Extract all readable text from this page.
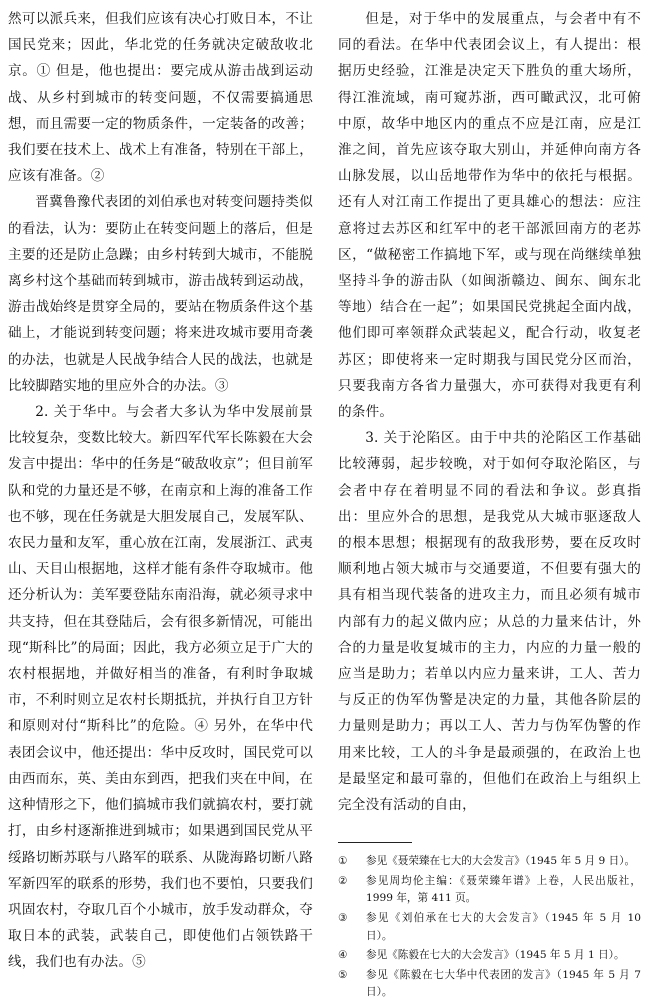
然可以派兵来，但我们应该有决心打败日本，不让国民党来；因此，华北党的任务就决定破敌收北京。① 但是，他也提出：要完成从游击战到运动战、从乡村到城市的转变问题，不仅需要搞通思想，而且需要一定的物质条件，一定装备的改善；我们要在技术上、战术上有准备，特别在干部上，应该有准备。②

晋冀鲁豫代表团的刘伯承也对转变问题持类似的看法，认为：要防止在转变问题上的落后，但是主要的还是防止急躁；由乡村转到大城市，不能脱离乡村这个基础而转到城市，游击战转到运动战，游击战始终是贯穿全局的，要站在物质条件这个基础上，才能说到转变问题；将来进攻城市要用奇袭的办法，也就是人民战争结合人民的战法，也就是比较脚踏实地的里应外合的办法。③

2. 关于华中。与会者大多认为华中发展前景比较复杂，变数比较大。新四军代军长陈毅在大会发言中提出：华中的任务是“破敌收京”；但目前军队和党的力量还是不够，在南京和上海的准备工作也不够，现在任务就是大胆发展自己，发展军队、农民力量和友军，重心放在江南，发展浙江、武夷山、天目山根据地，这样才能有条件夺取城市。他还分析认为：美军要登陆东南沿海，就必须寻求中共支持，但在其登陆后，会有很多新情况，可能出现“斯科比”的局面；因此，我方必须立足于广大的农村根据地，并做好相当的准备，有利时争取城市，不利时则立足农村长期抵抗，并执行自卫方针和原则对付“斯科比”的危险。④ 另外，在华中代表团会议中，他还提出：华中反攻时，国民党可以由西而东，英、美由东到西，把我们夹在中间，在这种情形之下，他们搞城市我们就搞农村，要打就打，由乡村逐渐推进到城市；如果遇到国民党从平绥路切断苏联与八路军的联系、从陇海路切断八路军新四军的联系的形势，我们也不要怕，只要我们巩固农村，夺取几百个小城市，放手发动群众，夺取日本的武装，武装自己，即使他们占领铁路干线，我们也有办法。⑤

但是，对于华中的发展重点，与会者中有不同的看法。在华中代表团会议上，有人提出：根据历史经验，江淮是决定天下胜负的重大场所，得江淮流域，南可窥苏浙，西可瞰武汉，北可俯中原，故华中地区内的重点不应是江南，应是江淮之间，首先应该夺取大别山，并延伸向南方各山脉发展，以山岳地带作为华中的依托与根据。还有人对江南工作提出了更具雄心的想法：应注意将过去苏区和红军中的老干部派回南方的老苏区，“做秘密工作搞地下军，或与现在尚继续单独坚持斗争的游击队（如闽浙赣边、闽东、闽东北等地）结合在一起”；如果国民党挑起全面内战，他们即可率领群众武装起义，配合行动，收复老苏区；即使将来一定时期我与国民党分区而治，只要我南方各省力量强大，亦可获得对我更有利的条件。

3. 关于沦陷区。由于中共的沦陷区工作基础比较薄弱，起步较晚，对于如何夺取沦陷区，与会者中存在着明显不同的看法和争议。彭真指出：里应外合的思想，是我党从大城市驱逐敌人的根本思想；根据现有的敌我形势，要在反攻时顺利地占领大城市与交通要道，不但要有强大的具有相当现代装备的进攻主力，而且必须有城市内部有力的起义做内应；从总的力量来估计，外合的力量是收复城市的主力，内应的力量一般的应当是助力；若单以内应力量来讲，工人、苦力与反正的伪军伪警是决定的力量，其他各阶层的力量则是助力；再以工人、苦力与伪军伪警的作用来比较，工人的斗争是最顽强的，在政治上也是最坚定和最可靠的，但他们在政治上与组织上完全没有活动的自由，

①	参见《聂荣臻在七大的大会发言》（1945 年 5 月 9 日）。
②	参见周均伦主编：《聂荣臻年谱》上卷，人民出版社，1999 年，第 411 页。
③	参见《刘伯承在七大的大会发言》（1945 年 5 月 10 日）。
④	参见《陈毅在七大的大会发言》（1945 年 5 月 1 日）。
⑤	参见《陈毅在七大华中代表团的发言》（1945 年 5 月 7 日）。
